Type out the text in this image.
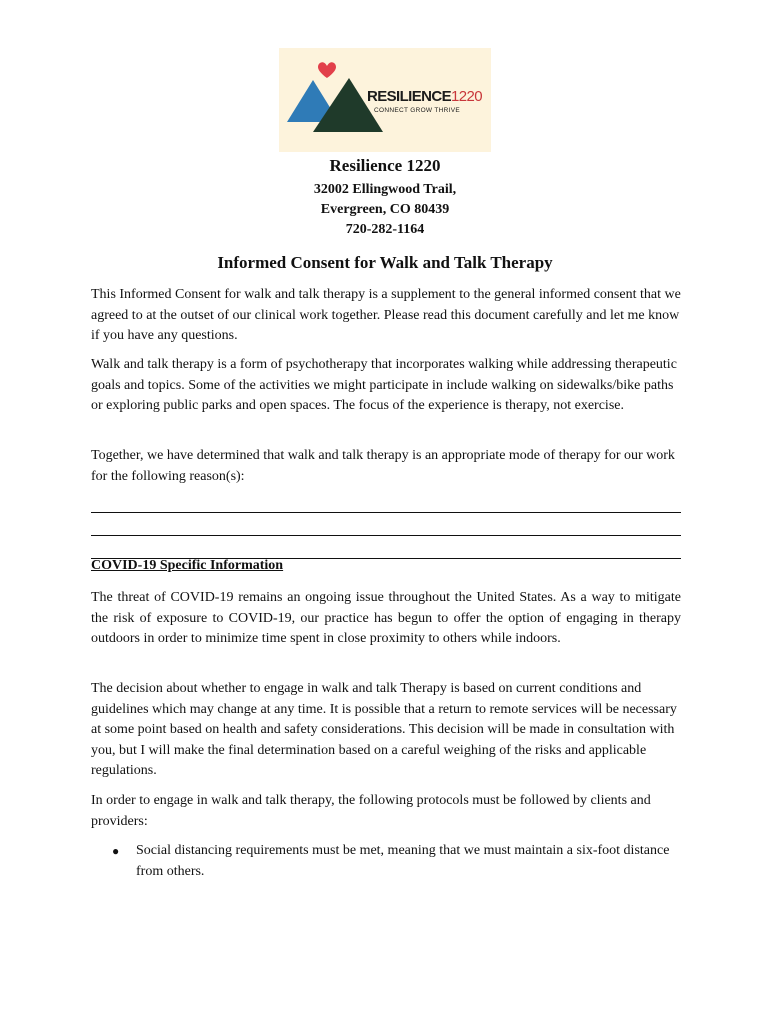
RESILIENCE1220
CONNECT GROW THRIVE
Resilience 1220
32002 Ellingwood Trail,
Evergreen, CO 80439
720-282-1164
Informed Consent for Walk and Talk Therapy

This Informed Consent for walk and talk therapy is a supplement to the general informed consent that we agreed to at the outset of our clinical work together. Please read this document carefully and let me know if you have any questions.

Walk and talk therapy is a form of psychotherapy that incorporates walking while addressing therapeutic goals and topics. Some of the activities we might participate in include walking on sidewalks/bike paths or exploring public parks and open spaces. The focus of the experience is therapy, not exercise.

Together, we have determined that walk and talk therapy is an appropriate mode of therapy for our work for the following reason(s):

COVID-19 Specific Information

The threat of COVID-19 remains an ongoing issue throughout the United States. As a way to mitigate the risk of exposure to COVID-19, our practice has begun to offer the option of engaging in therapy outdoors in order to minimize time spent in close proximity to others while indoors.

The decision about whether to engage in walk and talk Therapy is based on current conditions and guidelines which may change at any time. It is possible that a return to remote services will be necessary at some point based on health and safety considerations. This decision will be made in consultation with you, but I will make the final determination based on a careful weighing of the risks and applicable regulations.

In order to engage in walk and talk therapy, the following protocols must be followed by clients and providers:

● Social distancing requirements must be met, meaning that we must maintain a six-foot distance from others.
